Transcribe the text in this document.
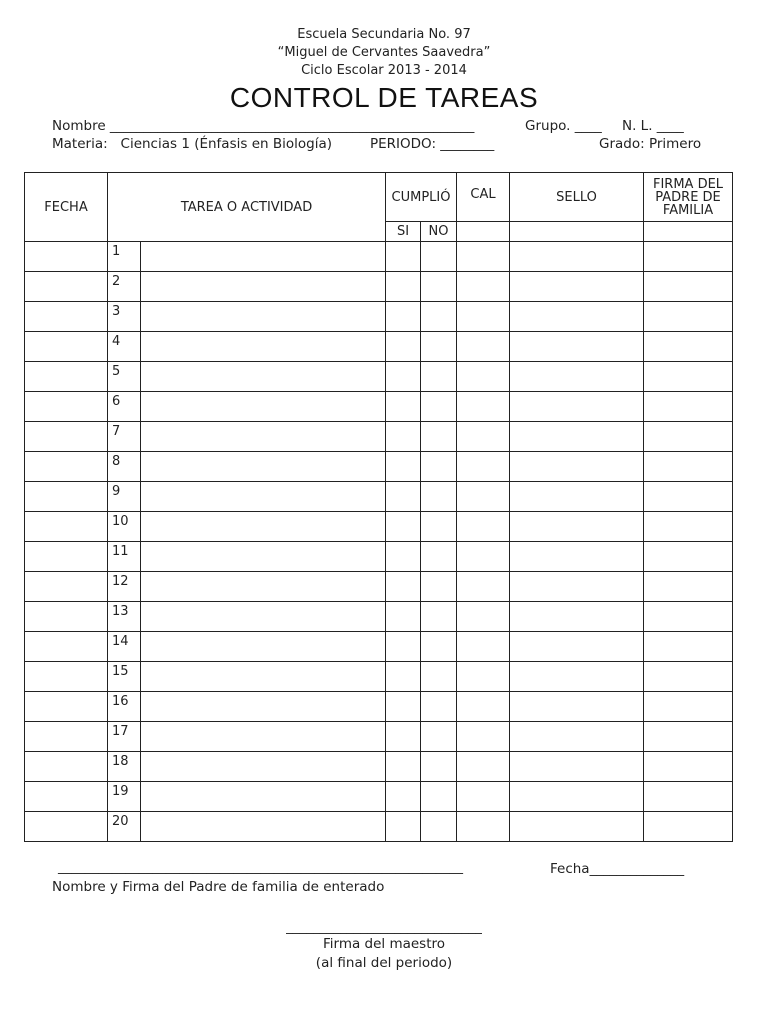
Escuela Secundaria No. 97
“Miguel de Cervantes Saavedra”
Ciclo Escolar 2013 - 2014
CONTROL DE TAREAS
Nombre ______________________________________________________	Grupo. ____ N. L. ____
Materia:   Ciencias 1 (Énfasis en Biología)	PERIODO: ________	Grado: Primero
FECHA	TAREA O ACTIVIDAD		CUMPLIÓ		CAL	SELLO	FIRMA DEL PADRE DE FAMILIA
			SI	NO			
	1						
	2						
	3						
	4						
	5						
	6						
	7						
	8						
	9						
	10						
	11						
	12						
	13						
	14						
	15						
	16						
	17						
	18						
	19						
	20						
____________________________________________________________	Fecha______________
Nombre y Firma del Padre de familia de enterado
_____________________________
Firma del maestro
(al final del periodo)
